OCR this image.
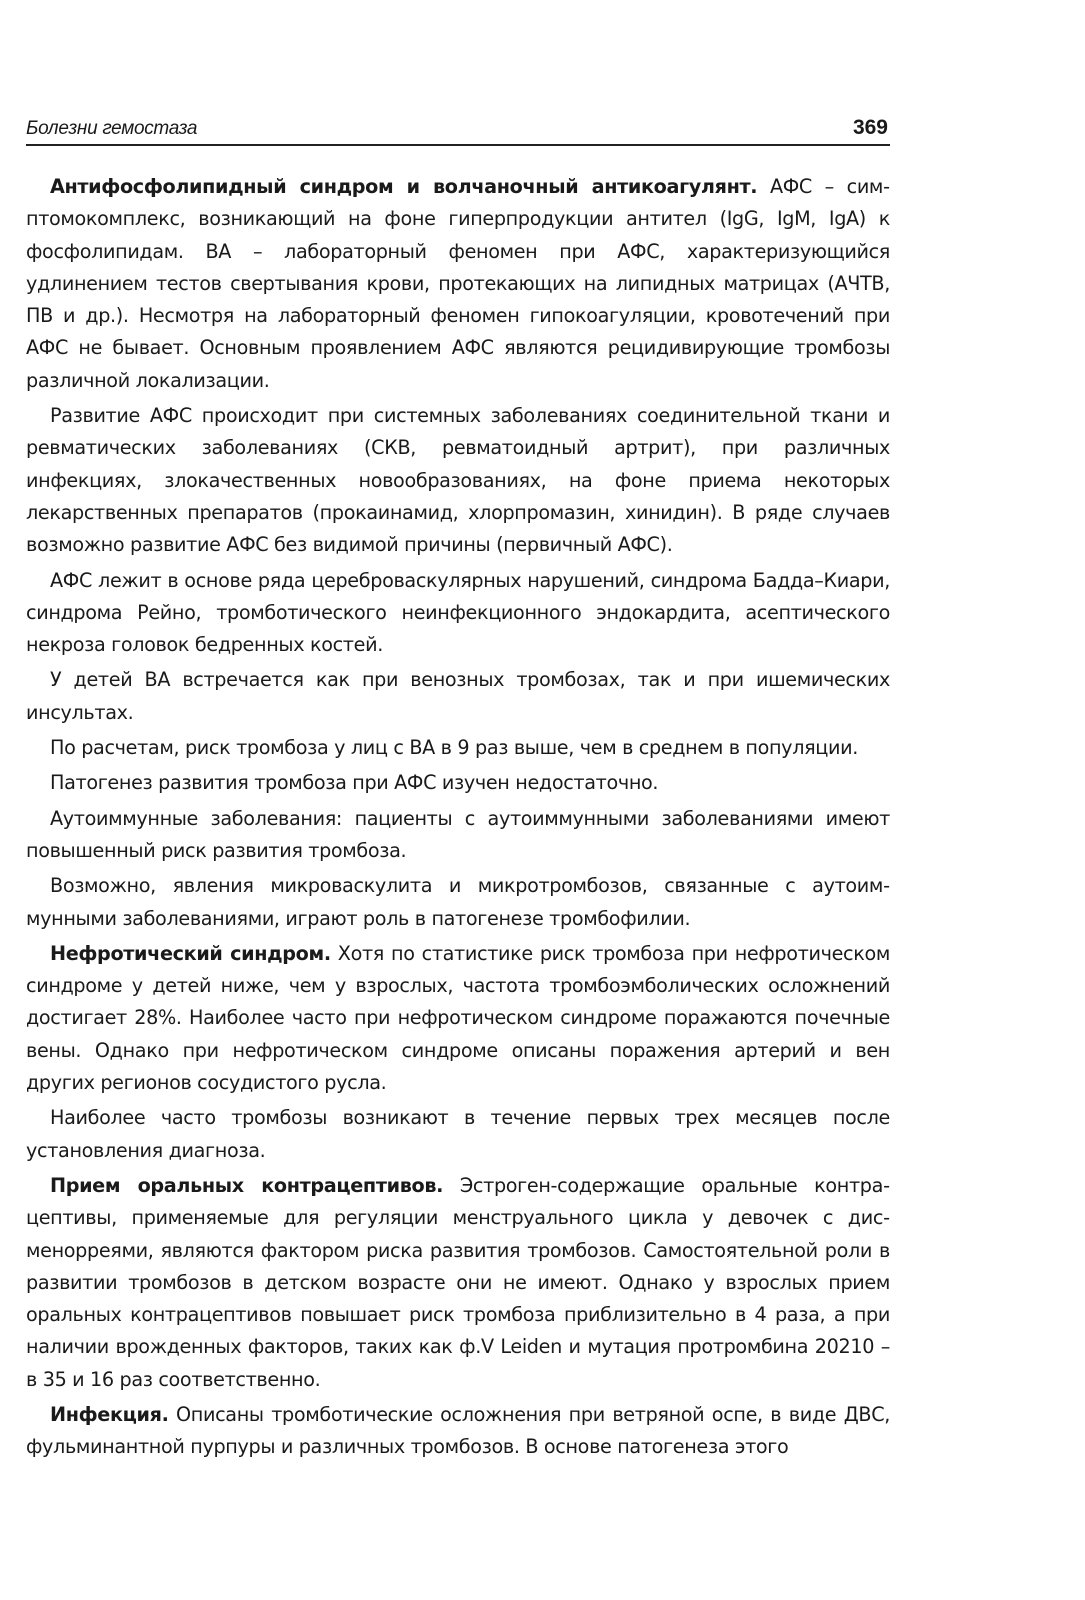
Болезни гемостаза	369

Антифосфолипидный синдром и волчаночный антикоагулянт. АФС – симптомокомплекс, возникающий на фоне гиперпродукции антител (IgG, IgM, IgA) к фосфолипидам. ВА – лабораторный феномен при АФС, характеризующийся удлинением тестов свертывания крови, протекающих на липидных матрицах (АЧТВ, ПВ и др.). Несмотря на лабораторный феномен гипокоагуляции, кровотечений при АФС не бывает. Основным проявлением АФС являются рецидивирующие тромбозы различной локализации.

Развитие АФС происходит при системных заболеваниях соединительной ткани и ревматических заболеваниях (СКВ, ревматоидный артрит), при различных инфекциях, злокачественных новообразованиях, на фоне приема некоторых лекарственных препаратов (прокаинамид, хлорпромазин, хинидин). В ряде случаев возможно развитие АФС без видимой причины (первичный АФС).

АФС лежит в основе ряда цереброваскулярных нарушений, синдрома Бадда–Киари, синдрома Рейно, тромботического неинфекционного эндокардита, асептического некроза головок бедренных костей.

У детей ВА встречается как при венозных тромбозах, так и при ишемических инсультах.

По расчетам, риск тромбоза у лиц с ВА в 9 раз выше, чем в среднем в популяции.

Патогенез развития тромбоза при АФС изучен недостаточно.

Аутоиммунные заболевания: пациенты с аутоиммунными заболеваниями имеют повышенный риск развития тромбоза.

Возможно, явления микроваскулита и микротромбозов, связанные с аутоиммунными заболеваниями, играют роль в патогенезе тромбофилии.

Нефротический синдром. Хотя по статистике риск тромбоза при нефротическом синдроме у детей ниже, чем у взрослых, частота тромбоэмболических осложнений достигает 28%. Наиболее часто при нефротическом синдроме поражаются почечные вены. Однако при нефротическом синдроме описаны поражения артерий и вен других регионов сосудистого русла.

Наиболее часто тромбозы возникают в течение первых трех месяцев после установления диагноза.

Прием оральных контрацептивов. Эстроген-содержащие оральные контрацептивы, применяемые для регуляции менструального цикла у девочек с дисменорреями, являются фактором риска развития тромбозов. Самостоятельной роли в развитии тромбозов в детском возрасте они не имеют. Однако у взрослых прием оральных контрацептивов повышает риск тромбоза приблизительно в 4 раза, а при наличии врожденных факторов, таких как ф.V Leiden и мутация протромбина 20210 – в 35 и 16 раз соответственно.

Инфекция. Описаны тромботические осложнения при ветряной оспе, в виде ДВС, фульминантной пурпуры и различных тромбозов. В основе патогенеза этого
